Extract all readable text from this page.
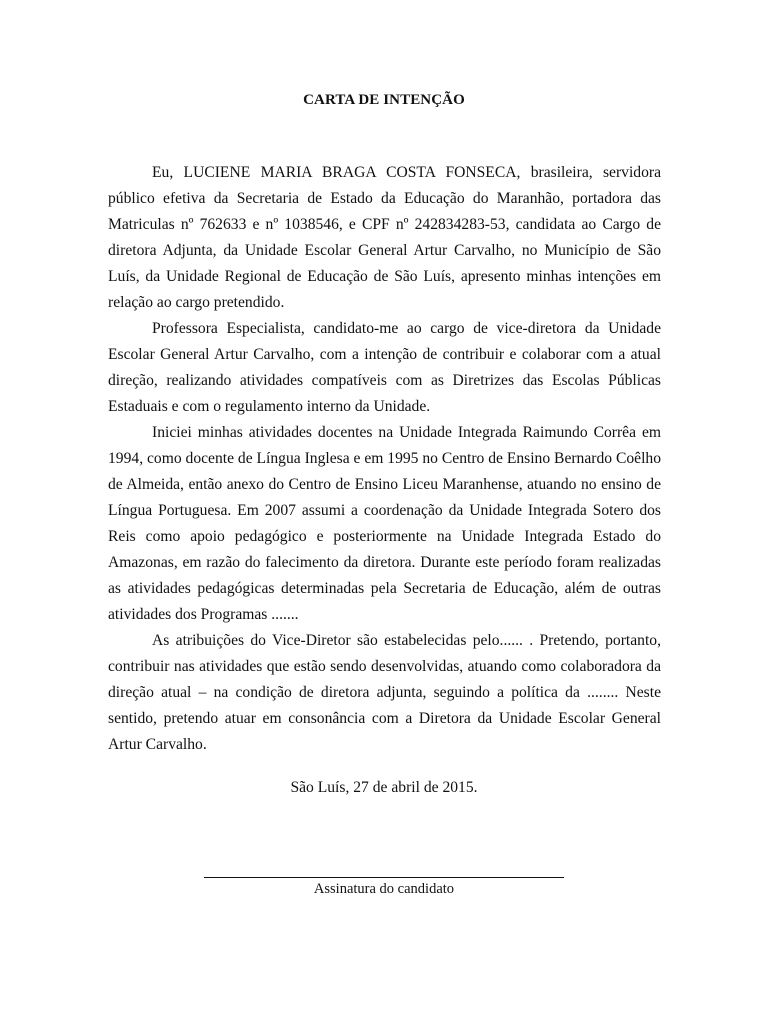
CARTA DE INTENÇÃO

Eu, LUCIENE MARIA BRAGA COSTA FONSECA, brasileira, servidora público efetiva da Secretaria de Estado da Educação do Maranhão, portadora das Matriculas nº 762633 e nº 1038546, e CPF nº 242834283-53, candidata ao Cargo de diretora Adjunta, da Unidade Escolar General Artur Carvalho, no Município de São Luís, da Unidade Regional de Educação de São Luís, apresento minhas intenções em relação ao cargo pretendido.

Professora Especialista, candidato-me ao cargo de vice-diretora da Unidade Escolar General Artur Carvalho, com a intenção de contribuir e colaborar com a atual direção, realizando atividades compatíveis com as Diretrizes das Escolas Públicas Estaduais e com o regulamento interno da Unidade.

Iniciei minhas atividades docentes na Unidade Integrada Raimundo Corrêa em 1994, como docente de Língua Inglesa e em 1995 no Centro de Ensino Bernardo Coêlho de Almeida, então anexo do Centro de Ensino Liceu Maranhense, atuando no ensino de Língua Portuguesa. Em 2007 assumi a coordenação da Unidade Integrada Sotero dos Reis como apoio pedagógico e posteriormente na Unidade Integrada Estado do Amazonas, em razão do falecimento da diretora. Durante este período foram realizadas as atividades pedagógicas determinadas pela Secretaria de Educação, além de outras atividades dos Programas .......

As atribuições do Vice-Diretor são estabelecidas pelo...... . Pretendo, portanto, contribuir nas atividades que estão sendo desenvolvidas, atuando como colaboradora da direção atual – na condição de diretora adjunta, seguindo a política da ........ Neste sentido, pretendo atuar em consonância com a Diretora da Unidade Escolar General Artur Carvalho.

São Luís, 27 de abril de 2015.
Assinatura do candidato
